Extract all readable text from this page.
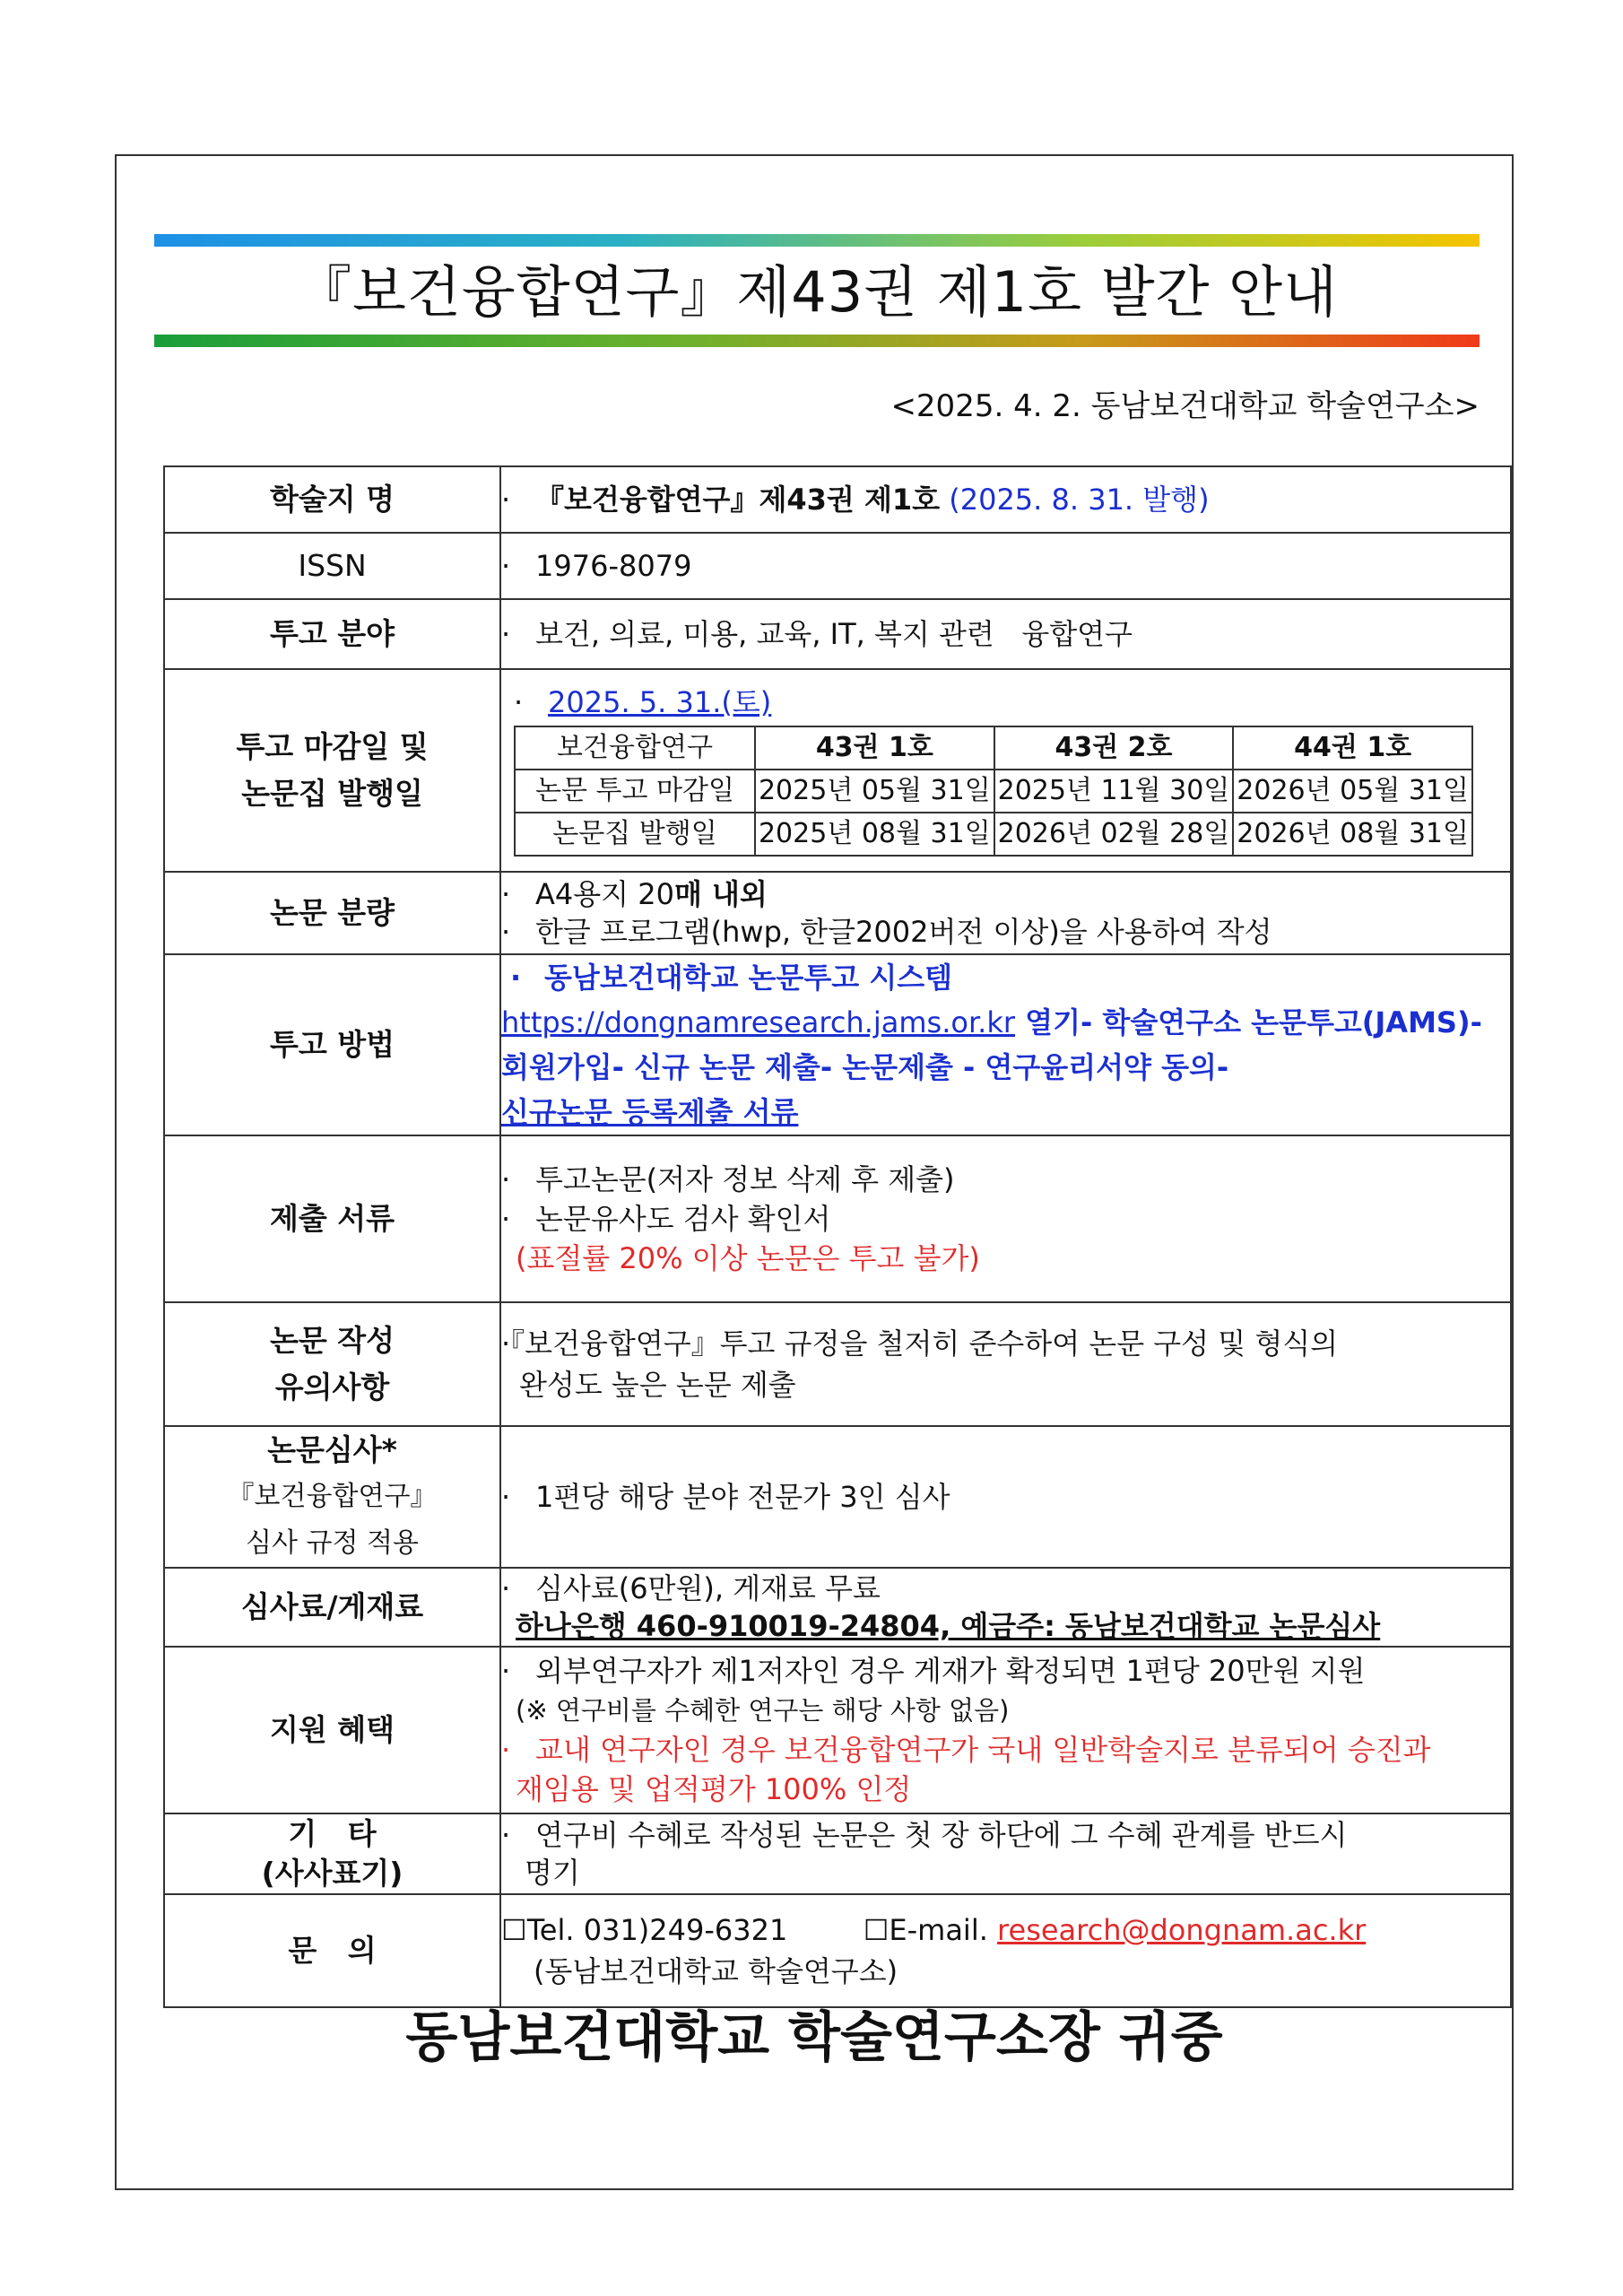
『보건융합연구』제43권 제1호 발간 안내
<2025. 4. 2. 동남보건대학교 학술연구소>
학술지 명	· 『보건융합연구』제43권 제1호 (2025. 8. 31. 발행)
ISSN	· 1976-8079
투고 분야	· 보건, 의료, 미용, 교육, IT, 복지 관련   융합연구

투고 마감일 및
논문집 발행일

· 2025. 5. 31.(토)
보건융합연구	43권 1호	43권 2호	44권 1호
논문 투고 마감일	2025년 05월 31일	2025년 11월 30일	2026년 05월 31일
논문집 발행일	2025년 08월 31일	2026년 02월 28일	2026년 08월 31일

논문 분량	
· A4용지 20매 내외
· 한글 프로그램(hwp, 한글2002버전 이상)을 사용하여 작성

투고 방법	
· 동남보건대학교 논문투고 시스템
https://dongnamresearch.jams.or.kr 열기- 학술연구소 논문투고(JAMS)-
회원가입- 신규 논문 제출- 논문제출 - 연구윤리서약 동의-
신규논문 등록제출 서류

제출 서류	
· 투고논문(저자 정보 삭제 후 제출)
· 논문유사도 검사 확인서
(표절률 20% 이상 논문은 투고 불가)

논문 작성
유의사항

·『보건융합연구』투고 규정을 철저히 준수하여 논문 구성 및 형식의
완성도 높은 논문 제출

논문심사*
『보건융합연구』
심사 규정 적용
	· 1편당 해당 분야 전문가 3인 심사
심사료/게재료	
· 심사료(6만원), 게재료 무료
하나은행 460-910019-24804, 예금주: 동남보건대학교 논문심사

지원 혜택	
· 외부연구자가 제1저자인 경우 게재가 확정되면 1편당 20만원 지원
(※ 연구비를 수혜한 연구는 해당 사항 없음)
· 교내 연구자인 경우 보건융합연구가 국내 일반학술지로 분류되어 승진과
재임용 및 업적평가 100% 인정

기   타
(사사표기)

· 연구비 수혜로 작성된 논문은 첫 장 하단에 그 수혜 관계를 반드시
명기

문   의	
☐Tel. 031)249-6321	☐E-mail. research@dongnam.ac.kr
(동남보건대학교 학술연구소)
동남보건대학교 학술연구소장 귀중
